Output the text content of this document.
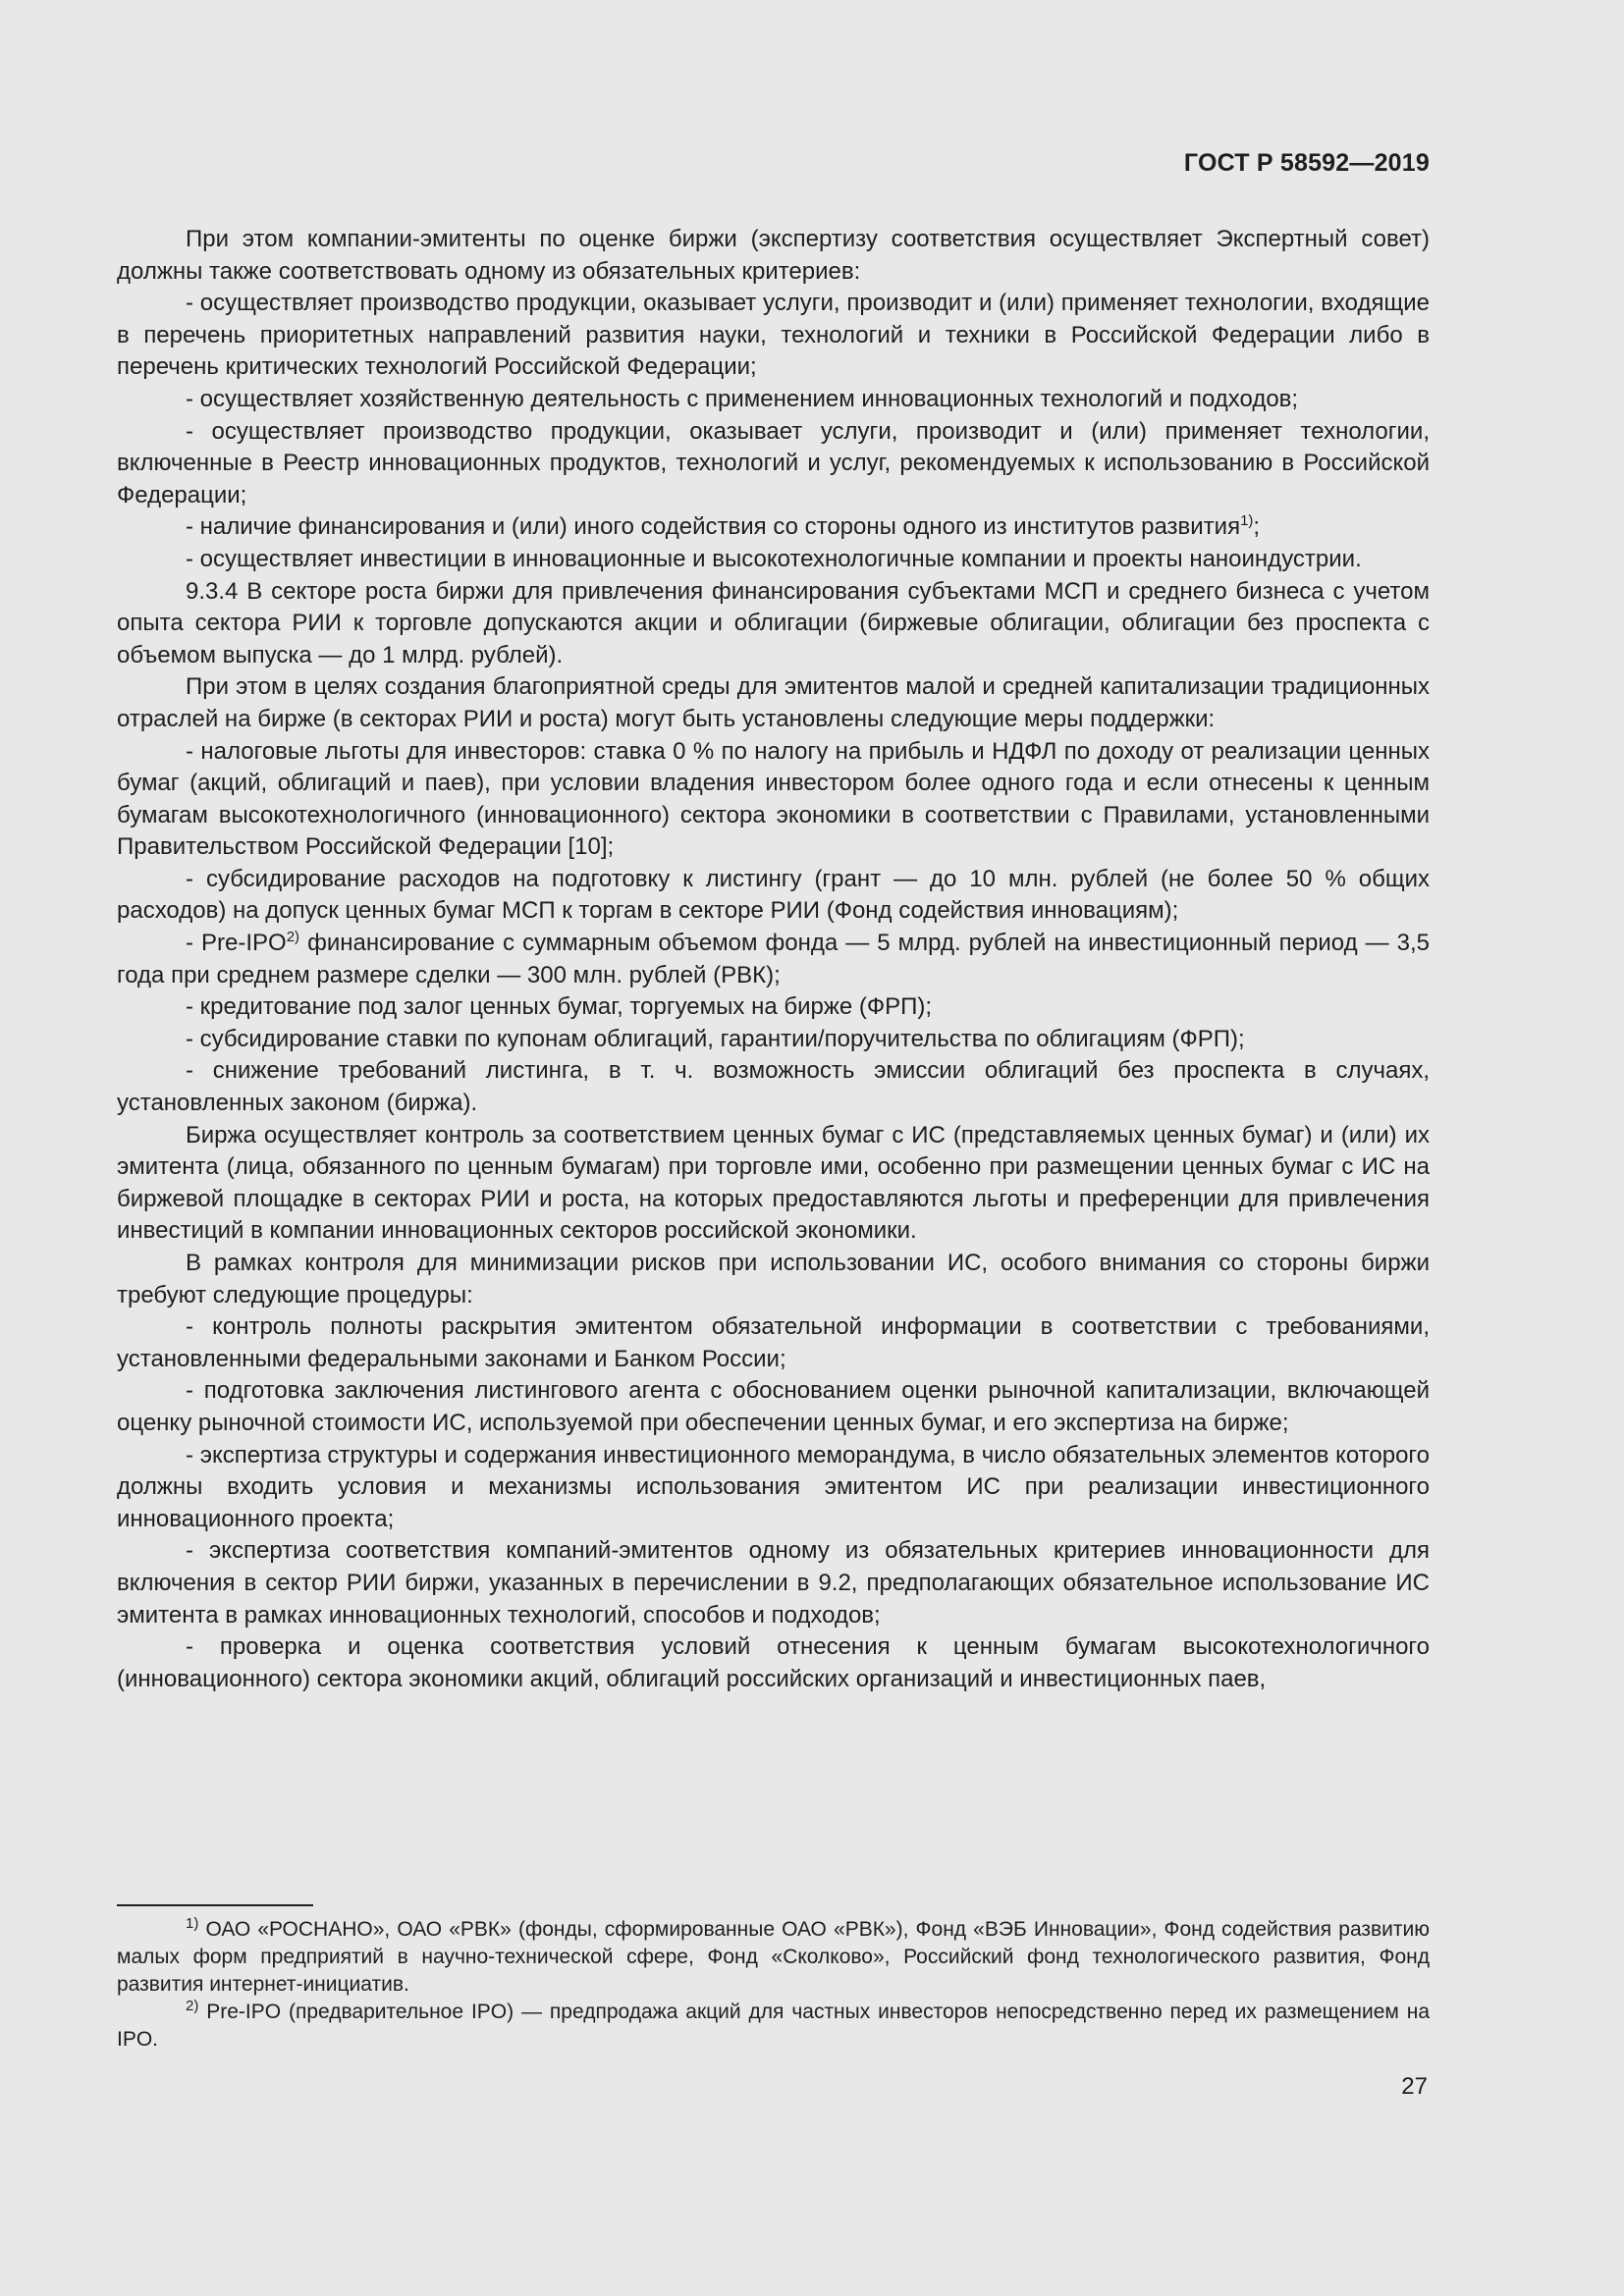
ГОСТ Р 58592—2019

При этом компании-эмитенты по оценке биржи (экспертизу соответствия осуществляет Экспертный совет) должны также соответствовать одному из обязательных критериев:

- осуществляет производство продукции, оказывает услуги, производит и (или) применяет технологии, входящие в перечень приоритетных направлений развития науки, технологий и техники в Российской Федерации либо в перечень критических технологий Российской Федерации;

- осуществляет хозяйственную деятельность с применением инновационных технологий и подходов;

- осуществляет производство продукции, оказывает услуги, производит и (или) применяет технологии, включенные в Реестр инновационных продуктов, технологий и услуг, рекомендуемых к использованию в Российской Федерации;

- наличие финансирования и (или) иного содействия со стороны одного из институтов развития$^{1)}$;

- осуществляет инвестиции в инновационные и высокотехнологичные компании и проекты наноиндустрии.

9.3.4 В секторе роста биржи для привлечения финансирования субъектами МСП и среднего бизнеса с учетом опыта сектора РИИ к торговле допускаются акции и облигации (биржевые облигации, облигации без проспекта с объемом выпуска — до 1 млрд. рублей).

При этом в целях создания благоприятной среды для эмитентов малой и средней капитализации традиционных отраслей на бирже (в секторах РИИ и роста) могут быть установлены следующие меры поддержки:

- налоговые льготы для инвесторов: ставка 0 % по налогу на прибыль и НДФЛ по доходу от реализации ценных бумаг (акций, облигаций и паев), при условии владения инвестором более одного года и если отнесены к ценным бумагам высокотехнологичного (инновационного) сектора экономики в соответствии с Правилами, установленными Правительством Российской Федерации [10];

- субсидирование расходов на подготовку к листингу (грант — до 10 млн. рублей (не более 50 % общих расходов) на допуск ценных бумаг МСП к торгам в секторе РИИ (Фонд содействия инновациям);

- Pre-IPO$^{2)}$ финансирование с суммарным объемом фонда — 5 млрд. рублей на инвестиционный период — 3,5 года при среднем размере сделки — 300 млн. рублей (РВК);

- кредитование под залог ценных бумаг, торгуемых на бирже (ФРП);

- субсидирование ставки по купонам облигаций, гарантии/поручительства по облигациям (ФРП);

- снижение требований листинга, в т. ч. возможность эмиссии облигаций без проспекта в случаях, установленных законом (биржа).

Биржа осуществляет контроль за соответствием ценных бумаг с ИС (представляемых ценных бумаг) и (или) их эмитента (лица, обязанного по ценным бумагам) при торговле ими, особенно при размещении ценных бумаг с ИС на биржевой площадке в секторах РИИ и роста, на которых предоставляются льготы и преференции для привлечения инвестиций в компании инновационных секторов российской экономики.

В рамках контроля для минимизации рисков при использовании ИС, особого внимания со стороны биржи требуют следующие процедуры:

- контроль полноты раскрытия эмитентом обязательной информации в соответствии с требованиями, установленными федеральными законами и Банком России;

- подготовка заключения листингового агента с обоснованием оценки рыночной капитализации, включающей оценку рыночной стоимости ИС, используемой при обеспечении ценных бумаг, и его экспертиза на бирже;

- экспертиза структуры и содержания инвестиционного меморандума, в число обязательных элементов которого должны входить условия и механизмы использования эмитентом ИС при реализации инвестиционного инновационного проекта;

- экспертиза соответствия компаний-эмитентов одному из обязательных критериев инновационности для включения в сектор РИИ биржи, указанных в перечислении в 9.2, предполагающих обязательное использование ИС эмитента в рамках инновационных технологий, способов и подходов;

- проверка и оценка соответствия условий отнесения к ценным бумагам высокотехнологичного (инновационного) сектора экономики акций, облигаций российских организаций и инвестиционных паев,

$^{1)}$ ОАО «РОСНАНО», ОАО «РВК» (фонды, сформированные ОАО «РВК»), Фонд «ВЭБ Инновации», Фонд содействия развитию малых форм предприятий в научно-технической сфере, Фонд «Сколково», Российский фонд технологического развития, Фонд развития интернет-инициатив.

$^{2)}$ Pre-IPO (предварительное IPO) — предпродажа акций для частных инвесторов непосредственно перед их размещением на IPO.

27
